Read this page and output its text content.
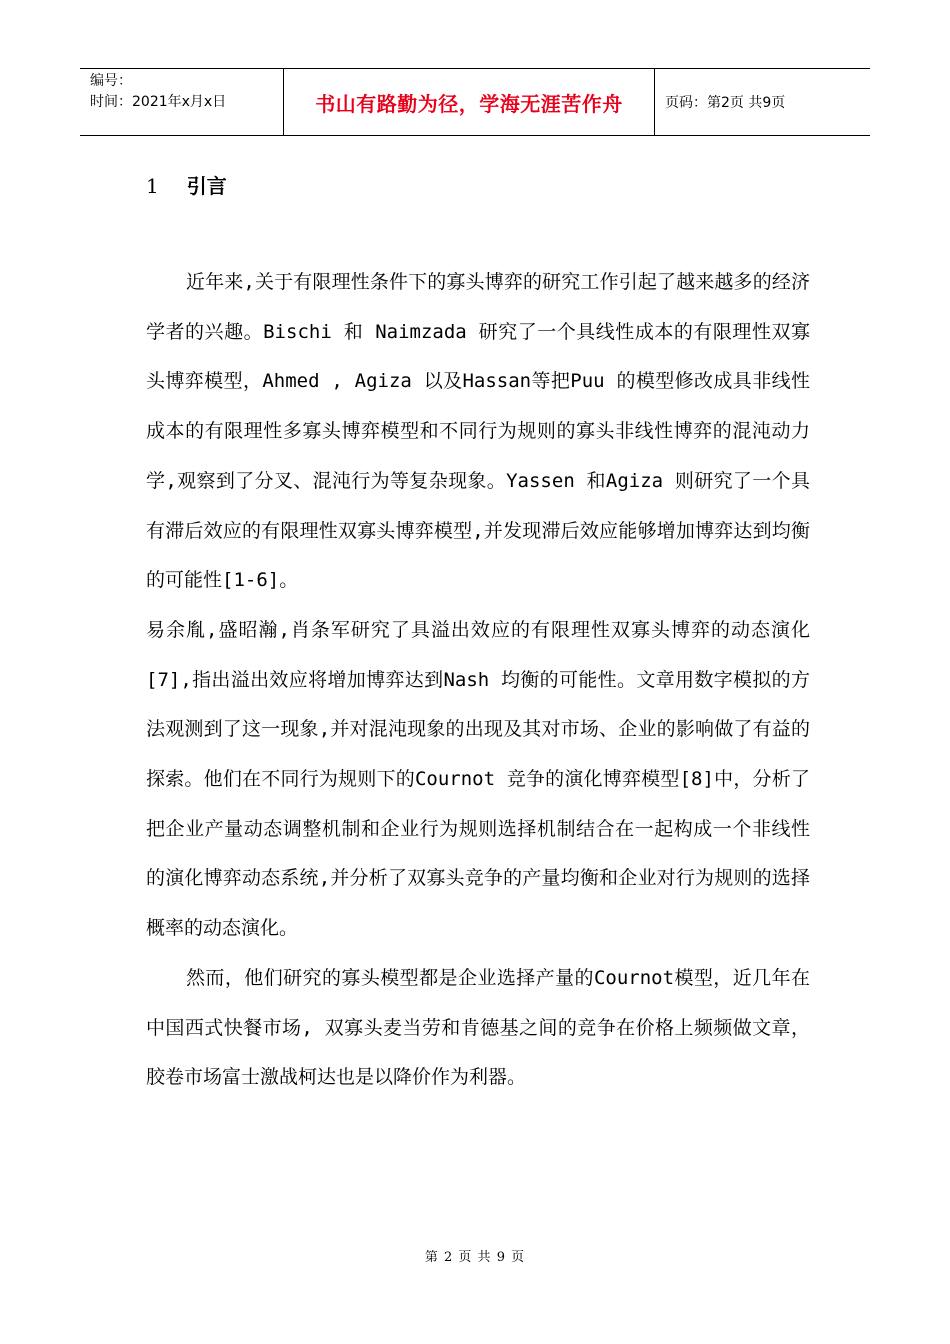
编号：
时间：2021年x月x日	书山有路勤为径，学海无涯苦作舟	页码：第2页 共9页
1 引言

近年来,关于有限理性条件下的寡头博弈的研究工作引起了越来越多的经济学者的兴趣。Bischi 和 Naimzada 研究了一个具线性成本的有限理性双寡头博弈模型，Ahmed , Agiza 以及Hassan等把Puu 的模型修改成具非线性成本的有限理性多寡头博弈模型和不同行为规则的寡头非线性博弈的混沌动力学,观察到了分叉、混沌行为等复杂现象。Yassen 和Agiza 则研究了一个具有滞后效应的有限理性双寡头博弈模型,并发现滞后效应能够增加博弈达到均衡的可能性[1-6]。

易余胤,盛昭瀚,肖条军研究了具溢出效应的有限理性双寡头博弈的动态演化[7],指出溢出效应将增加博弈达到Nash 均衡的可能性。文章用数字模拟的方法观测到了这一现象,并对混沌现象的出现及其对市场、企业的影响做了有益的探索。他们在不同行为规则下的Cournot 竞争的演化博弈模型[8]中，分析了把企业产量动态调整机制和企业行为规则选择机制结合在一起构成一个非线性的演化博弈动态系统,并分析了双寡头竞争的产量均衡和企业对行为规则的选择概率的动态演化。

然而，他们研究的寡头模型都是企业选择产量的Cournot模型，近几年在中国西式快餐市场, 双寡头麦当劳和肯德基之间的竞争在价格上频频做文章，胶卷市场富士激战柯达也是以降价作为利器。

第 2 页 共 9 页
